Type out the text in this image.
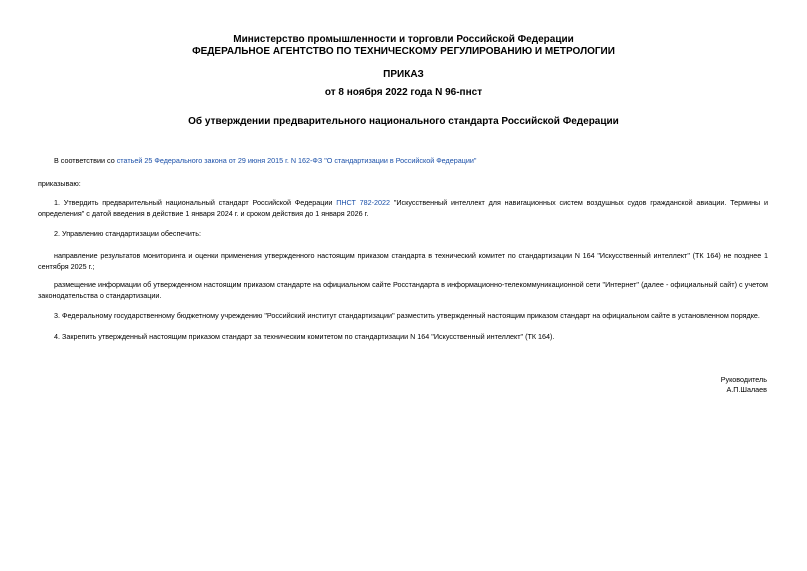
Министерство промышленности и торговли Российской Федерации
ФЕДЕРАЛЬНОЕ АГЕНТСТВО ПО ТЕХНИЧЕСКОМУ РЕГУЛИРОВАНИЮ И МЕТРОЛОГИИ
ПРИКАЗ
от 8 ноября 2022 года N 96-пнст
Об утверждении предварительного национального стандарта Российской Федерации
В соответствии со статьей 25 Федерального закона от 29 июня 2015 г. N 162-ФЗ "О стандартизации в Российской Федерации"
приказываю:
1. Утвердить предварительный национальный стандарт Российской Федерации ПНСТ 782-2022 "Искусственный интеллект для навигационных систем воздушных судов гражданской авиации. Термины и определения" с датой введения в действие 1 января 2024 г. и сроком действия до 1 января 2026 г.
2. Управлению стандартизации обеспечить:
направление результатов мониторинга и оценки применения утвержденного настоящим приказом стандарта в технический комитет по стандартизации N 164 "Искусственный интеллект" (ТК 164) не позднее 1 сентября 2025 г.;
размещение информации об утвержденном настоящим приказом стандарте на официальном сайте Росстандарта в информационно-телекоммуникационной сети "Интернет" (далее - официальный сайт) с учетом законодательства о стандартизации.
3. Федеральному государственному бюджетному учреждению "Российский институт стандартизации" разместить утвержденный настоящим приказом стандарт на официальном сайте в установленном порядке.
4. Закрепить утвержденный настоящим приказом стандарт за техническим комитетом по стандартизации N 164 "Искусственный интеллект" (ТК 164).
Руководитель
А.П.Шалаев
